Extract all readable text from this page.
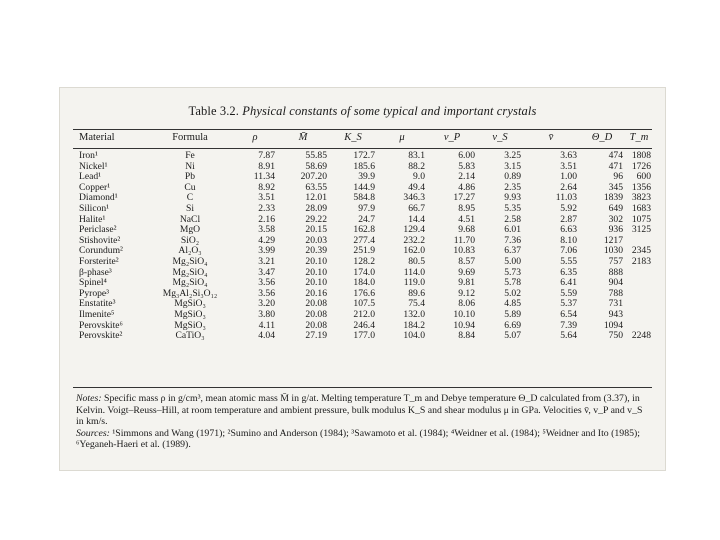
Table 3.2. Physical constants of some typical and important crystals
Material	Formula	ρ	M̄	K_S	μ	v_P	v_S	v̄	Θ_D	T_m
Iron¹	Fe	7.87	55.85	172.7	83.1	6.00	3.25	3.63	474	1808
Nickel¹	Ni	8.91	58.69	185.6	88.2	5.83	3.15	3.51	471	1726
Lead¹	Pb	11.34	207.20	39.9	9.0	2.14	0.89	1.00	96	600
Copper¹	Cu	8.92	63.55	144.9	49.4	4.86	2.35	2.64	345	1356
Diamond¹	C	3.51	12.01	584.8	346.3	17.27	9.93	11.03	1839	3823
Silicon¹	Si	2.33	28.09	97.9	66.7	8.95	5.35	5.92	649	1683
Halite¹	NaCl	2.16	29.22	24.7	14.4	4.51	2.58	2.87	302	1075
Periclase²	MgO	3.58	20.15	162.8	129.4	9.68	6.01	6.63	936	3125
Stishovite²	SiO₂	4.29	20.03	277.4	232.2	11.70	7.36	8.10	1217	
Corundum²	Al₂O₃	3.99	20.39	251.9	162.0	10.83	6.37	7.06	1030	2345
Forsterite²	Mg₂SiO₄	3.21	20.10	128.2	80.5	8.57	5.00	5.55	757	2183
β-phase³	Mg₂SiO₄	3.47	20.10	174.0	114.0	9.69	5.73	6.35	888	
Spinel⁴	Mg₂SiO₄	3.56	20.10	184.0	119.0	9.81	5.78	6.41	904	
Pyrope³	Mg₃Al₂Si₃O₁₂	3.56	20.16	176.6	89.6	9.12	5.02	5.59	788	
Enstatite³	MgSiO₃	3.20	20.08	107.5	75.4	8.06	4.85	5.37	731	
Ilmenite⁵	MgSiO₃	3.80	20.08	212.0	132.0	10.10	5.89	6.54	943	
Perovskite⁶	MgSiO₃	4.11	20.08	246.4	184.2	10.94	6.69	7.39	1094	
Perovskite²	CaTiO₃	4.04	27.19	177.0	104.0	8.84	5.07	5.64	750	2248

Notes: Specific mass ρ in g/cm³, mean atomic mass M̄ in g/at. Melting temperature T_m and Debye temperature Θ_D calculated from (3.37), in Kelvin. Voigt–Reuss–Hill, at room temperature and ambient pressure, bulk modulus K_S and shear modulus μ in GPa. Velocities v̄, v_P and v_S in km/s.

Sources: ¹Simmons and Wang (1971); ²Sumino and Anderson (1984); ³Sawamoto et al. (1984); ⁴Weidner et al. (1984); ⁵Weidner and Ito (1985); ⁶Yeganeh-Haeri et al. (1989).
